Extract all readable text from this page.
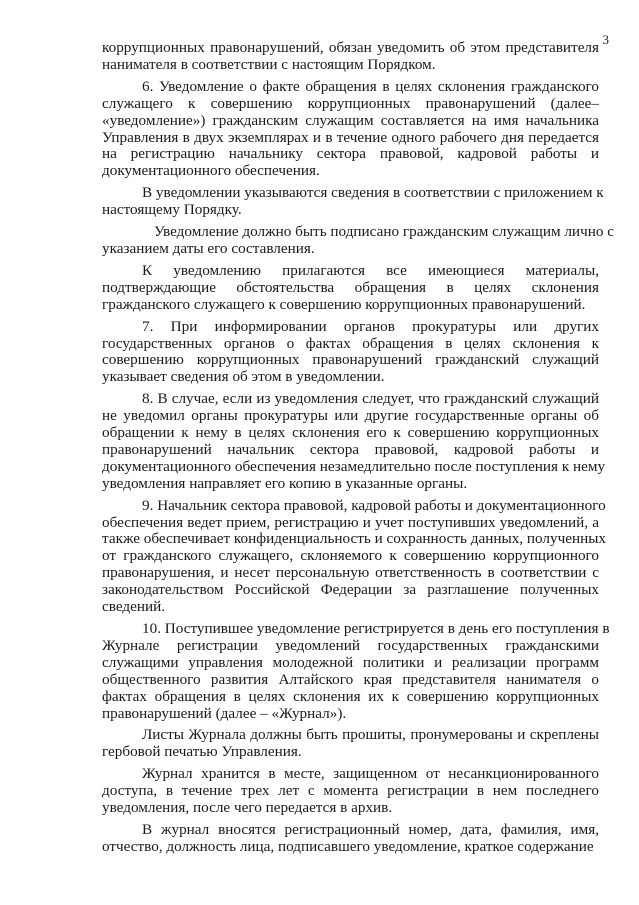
3
коррупционных правонарушений, обязан уведомить об этом представителя
нанимателя в соответствии с настоящим Порядком.
6. Уведомление о факте обращения в целях склонения гражданского
служащего к совершению коррупционных правонарушений (далее–
«уведомление») гражданским служащим составляется на имя начальника
Управления в двух экземплярах и в течение одного рабочего дня передается
на регистрацию начальнику сектора правовой, кадровой работы и
документационного обеспечения.
В уведомлении указываются сведения в соответствии с приложением к
настоящему Порядку.
Уведомление должно быть подписано гражданским служащим лично с
указанием даты его составления.
К уведомлению прилагаются все имеющиеся материалы,
подтверждающие обстоятельства обращения в целях склонения
гражданского служащего к совершению коррупционных правонарушений.
7. При информировании органов прокуратуры или других
государственных органов о фактах обращения в целях склонения к
совершению коррупционных правонарушений гражданский служащий
указывает сведения об этом в уведомлении.
8. В случае, если из уведомления следует, что гражданский служащий
не уведомил органы прокуратуры или другие государственные органы об
обращении к нему в целях склонения его к совершению коррупционных
правонарушений начальник сектора правовой, кадровой работы и
документационного обеспечения незамедлительно после поступления к нему
уведомления направляет его копию в указанные органы.
9. Начальник сектора правовой, кадровой работы и документационного
обеспечения ведет прием, регистрацию и учет поступивших уведомлений, а
также обеспечивает конфиденциальность и сохранность данных, полученных
от гражданского служащего, склоняемого к совершению коррупционного
правонарушения, и несет персональную ответственность в соответствии с
законодательством Российской Федерации за разглашение полученных
сведений.
10. Поступившее уведомление регистрируется в день его поступления в
Журнале регистрации уведомлений государственных гражданскими
служащими управления молодежной политики и реализации программ
общественного развития Алтайского края представителя нанимателя о
фактах обращения в целях склонения их к совершению коррупционных
правонарушений (далее – «Журнал»).
Листы Журнала должны быть прошиты, пронумерованы и скреплены
гербовой печатью Управления.
Журнал хранится в месте, защищенном от несанкционированного
доступа, в течение трех лет с момента регистрации в нем последнего
уведомления, после чего передается в архив.
В журнал вносятся регистрационный номер, дата, фамилия, имя,
отчество, должность лица, подписавшего уведомление, краткое содержание
